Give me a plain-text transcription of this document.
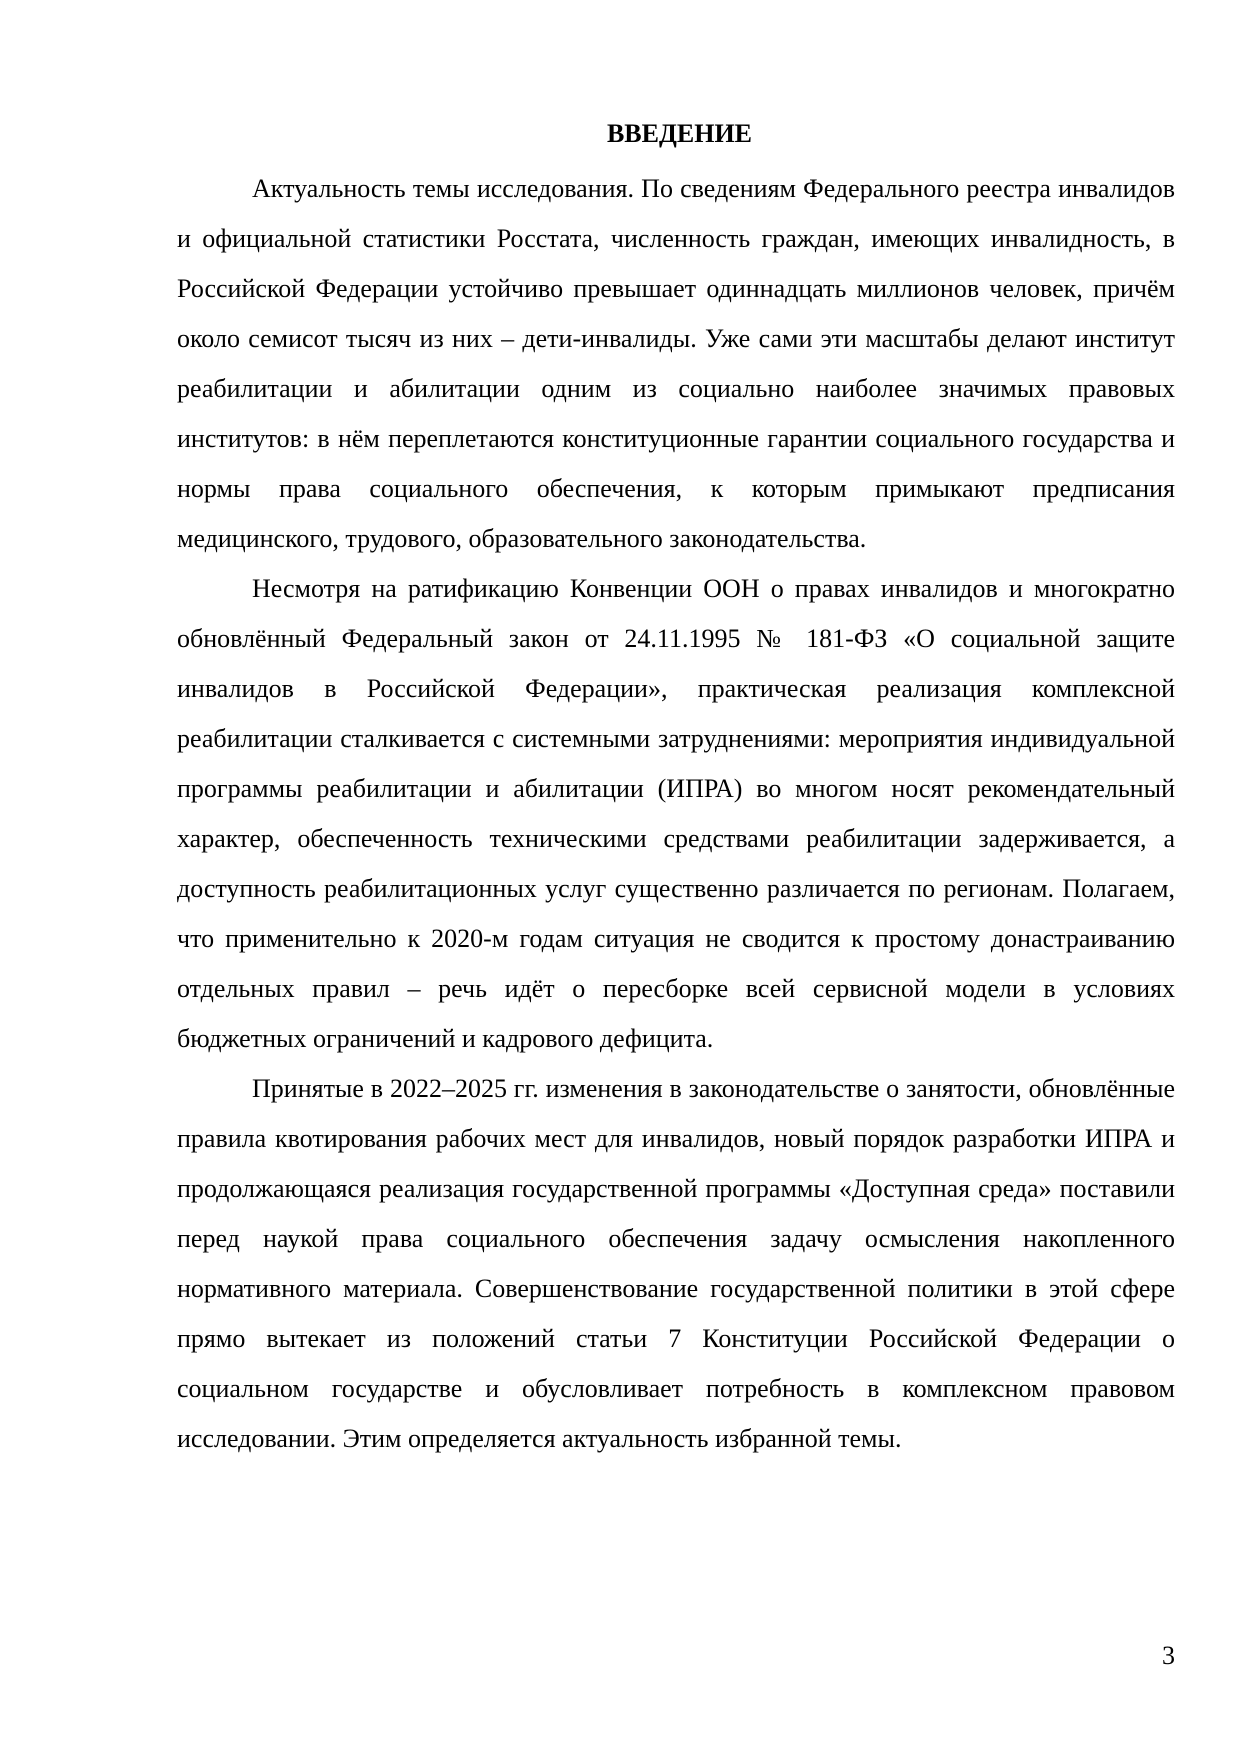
ВВЕДЕНИЕ

Актуальность темы исследования. По сведениям Федерального реестра инвалидов и официальной статистики Росстата, численность граждан, имеющих инвалидность, в Российской Федерации устойчиво превышает одиннадцать миллионов человек, причём около семисот тысяч из них – дети-инвалиды. Уже сами эти масштабы делают институт реабилитации и абилитации одним из социально наиболее значимых правовых институтов: в нём переплетаются конституционные гарантии социального государства и нормы права социального обеспечения, к которым примыкают предписания медицинского, трудового, образовательного законодательства.

Несмотря на ратификацию Конвенции ООН о правах инвалидов и многократно обновлённый Федеральный закон от 24.11.1995 № 181-ФЗ «О социальной защите инвалидов в Российской Федерации», практическая реализация комплексной реабилитации сталкивается с системными затруднениями: мероприятия индивидуальной программы реабилитации и абилитации (ИПРА) во многом носят рекомендательный характер, обеспеченность техническими средствами реабилитации задерживается, а доступность реабилитационных услуг существенно различается по регионам. Полагаем, что применительно к 2020-м годам ситуация не сводится к простому донастраиванию отдельных правил – речь идёт о пересборке всей сервисной модели в условиях бюджетных ограничений и кадрового дефицита.

Принятые в 2022–2025 гг. изменения в законодательстве о занятости, обновлённые правила квотирования рабочих мест для инвалидов, новый порядок разработки ИПРА и продолжающаяся реализация государственной программы «Доступная среда» поставили перед наукой права социального обеспечения задачу осмысления накопленного нормативного материала. Совершенствование государственной политики в этой сфере прямо вытекает из положений статьи 7 Конституции Российской Федерации о социальном государстве и обусловливает потребность в комплексном правовом исследовании. Этим определяется актуальность избранной темы.

3
